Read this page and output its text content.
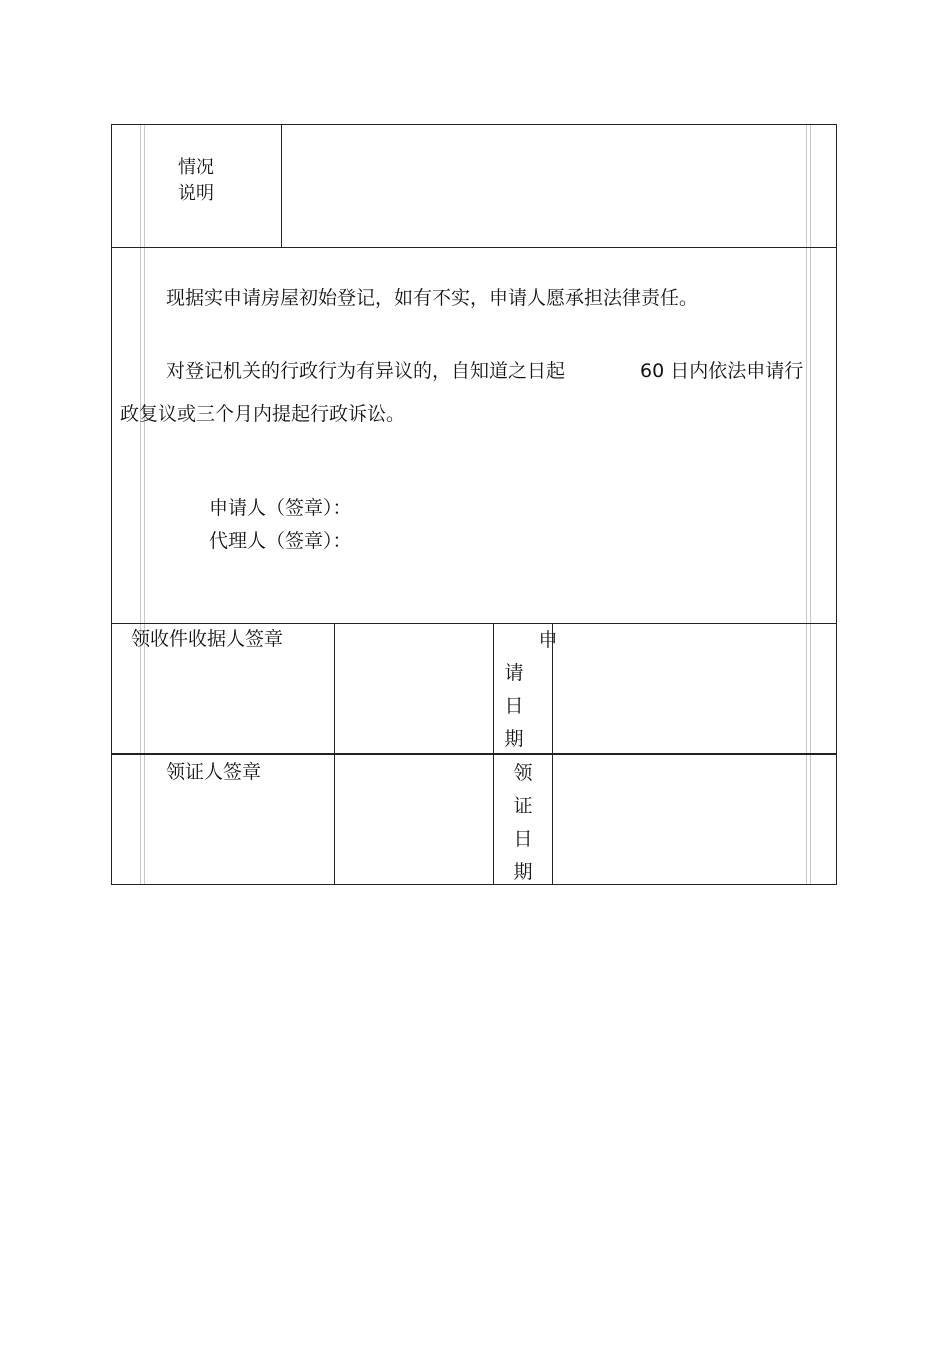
情况
说明
现据实申请房屋初始登记，如有不实，申请人愿承担法律责任。
对登记机关的行政行为有异议的，自知道之日起	60 日内依法申请行
政复议或三个月内提起行政诉讼。
申请人（签章）：
代理人（签章）：
领收件收据人签章	申
请
日
期
领证人签章	领
证
日
期
